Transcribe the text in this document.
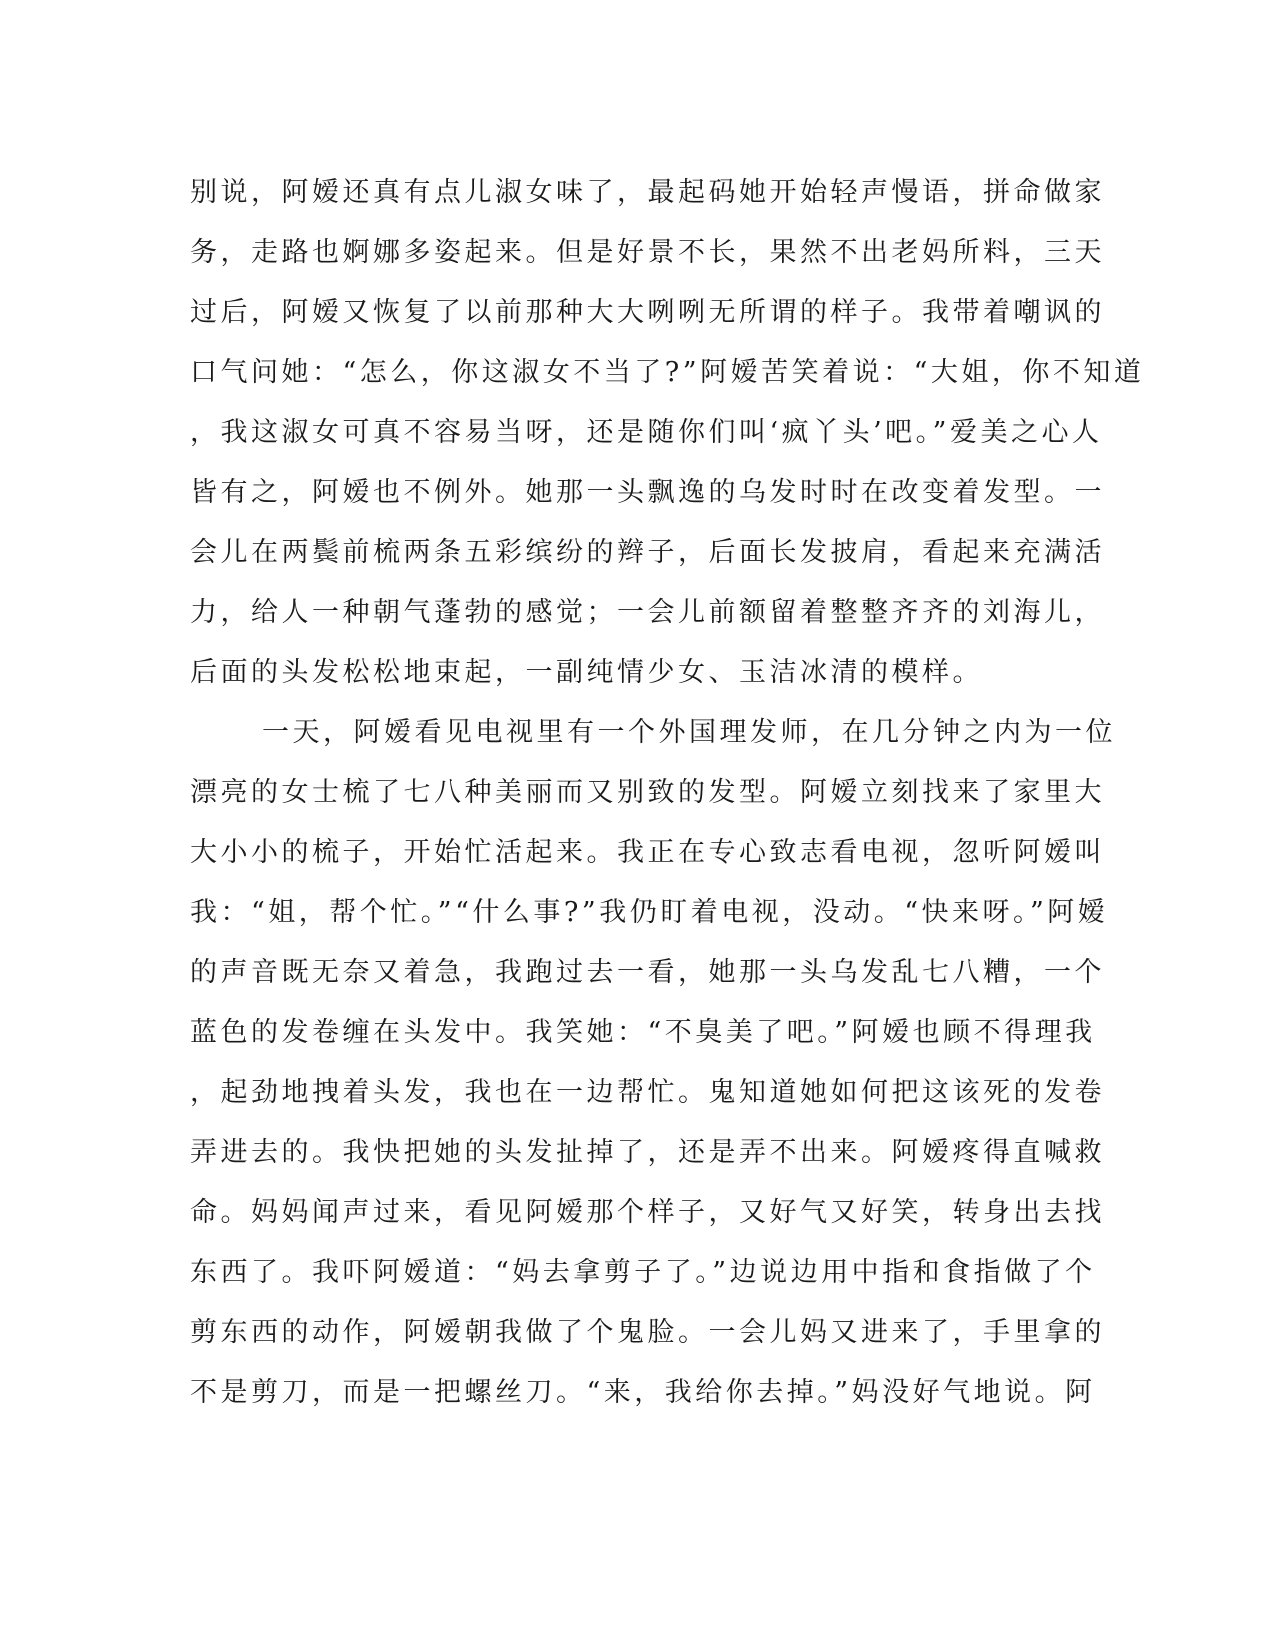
别说，阿嫒还真有点儿淑女味了，最起码她开始轻声慢语，拼命做家
务，走路也婀娜多姿起来。但是好景不长，果然不出老妈所料，三天
过后，阿嫒又恢复了以前那种大大咧咧无所谓的样子。我带着嘲讽的
口气问她：“怎么，你这淑女不当了?”阿嫒苦笑着说：“大姐，你不知道
，我这淑女可真不容易当呀，还是随你们叫‘疯丫头’吧。”爱美之心人
皆有之，阿嫒也不例外。她那一头飘逸的乌发时时在改变着发型。一
会儿在两鬓前梳两条五彩缤纷的辫子，后面长发披肩，看起来充满活
力，给人一种朝气蓬勃的感觉；一会儿前额留着整整齐齐的刘海儿，
后面的头发松松地束起，一副纯情少女、玉洁冰清的模样。
一天，阿嫒看见电视里有一个外国理发师，在几分钟之内为一位
漂亮的女士梳了七八种美丽而又别致的发型。阿嫒立刻找来了家里大
大小小的梳子，开始忙活起来。我正在专心致志看电视，忽听阿嫒叫
我：“姐，帮个忙。”“什么事?”我仍盯着电视，没动。“快来呀。”阿嫒
的声音既无奈又着急，我跑过去一看，她那一头乌发乱七八糟，一个
蓝色的发卷缠在头发中。我笑她：“不臭美了吧。”阿嫒也顾不得理我
，起劲地拽着头发，我也在一边帮忙。鬼知道她如何把这该死的发卷
弄进去的。我快把她的头发扯掉了，还是弄不出来。阿嫒疼得直喊救
命。妈妈闻声过来，看见阿嫒那个样子，又好气又好笑，转身出去找
东西了。我吓阿嫒道：“妈去拿剪子了。”边说边用中指和食指做了个
剪东西的动作，阿嫒朝我做了个鬼脸。一会儿妈又进来了，手里拿的
不是剪刀，而是一把螺丝刀。“来，我给你去掉。”妈没好气地说。阿
